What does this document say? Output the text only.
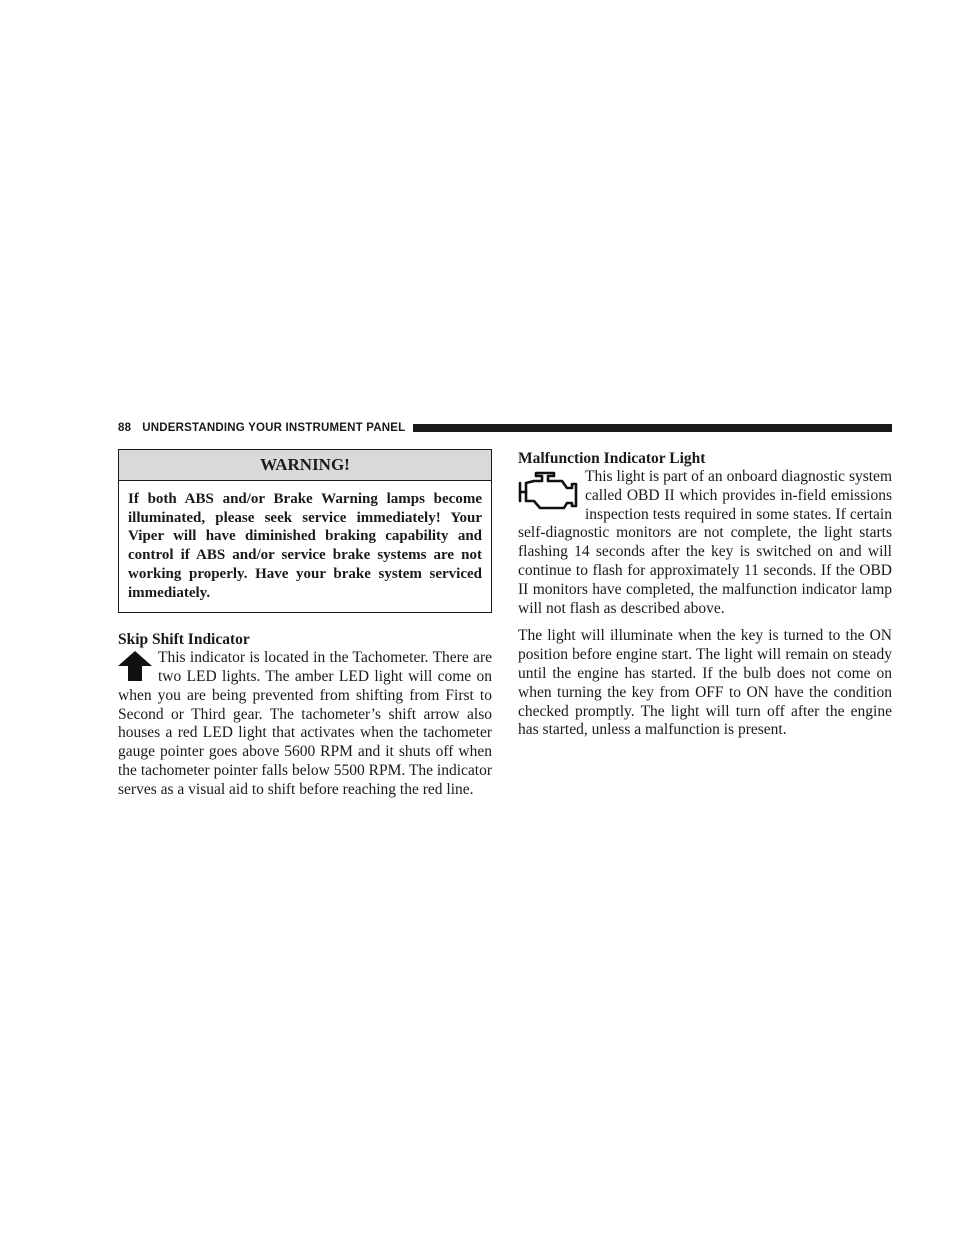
88 UNDERSTANDING YOUR INSTRUMENT PANEL
WARNING!
If both ABS and/or Brake Warning lamps become illuminated, please seek service immediately! Your Viper will have diminished braking capability and control if ABS and/or service brake systems are not working properly. Have your brake system serviced immediately.

Skip Shift Indicator

This indicator is located in the Tachometer. There are two LED lights. The amber LED light will come on when you are being prevented from shifting from First to Second or Third gear. The tachometer’s shift arrow also houses a red LED light that activates when the tachometer gauge pointer goes above 5600 RPM and it shuts off when the tachometer pointer falls below 5500 RPM. The indicator serves as a visual aid to shift before reaching the red line.

Malfunction Indicator Light

This light is part of an onboard diagnostic system called OBD II which provides in-field emissions inspection tests required in some states. If certain self-diagnostic monitors are not complete, the light starts flashing 14 seconds after the key is switched on and will continue to flash for approximately 11 seconds. If the OBD II monitors have completed, the malfunction indicator lamp will not flash as described above.

The light will illuminate when the key is turned to the ON position before engine start. The light will remain on steady until the engine has started. If the bulb does not come on when turning the key from OFF to ON have the condition checked promptly. The light will turn off after the engine has started, unless a malfunction is present.
